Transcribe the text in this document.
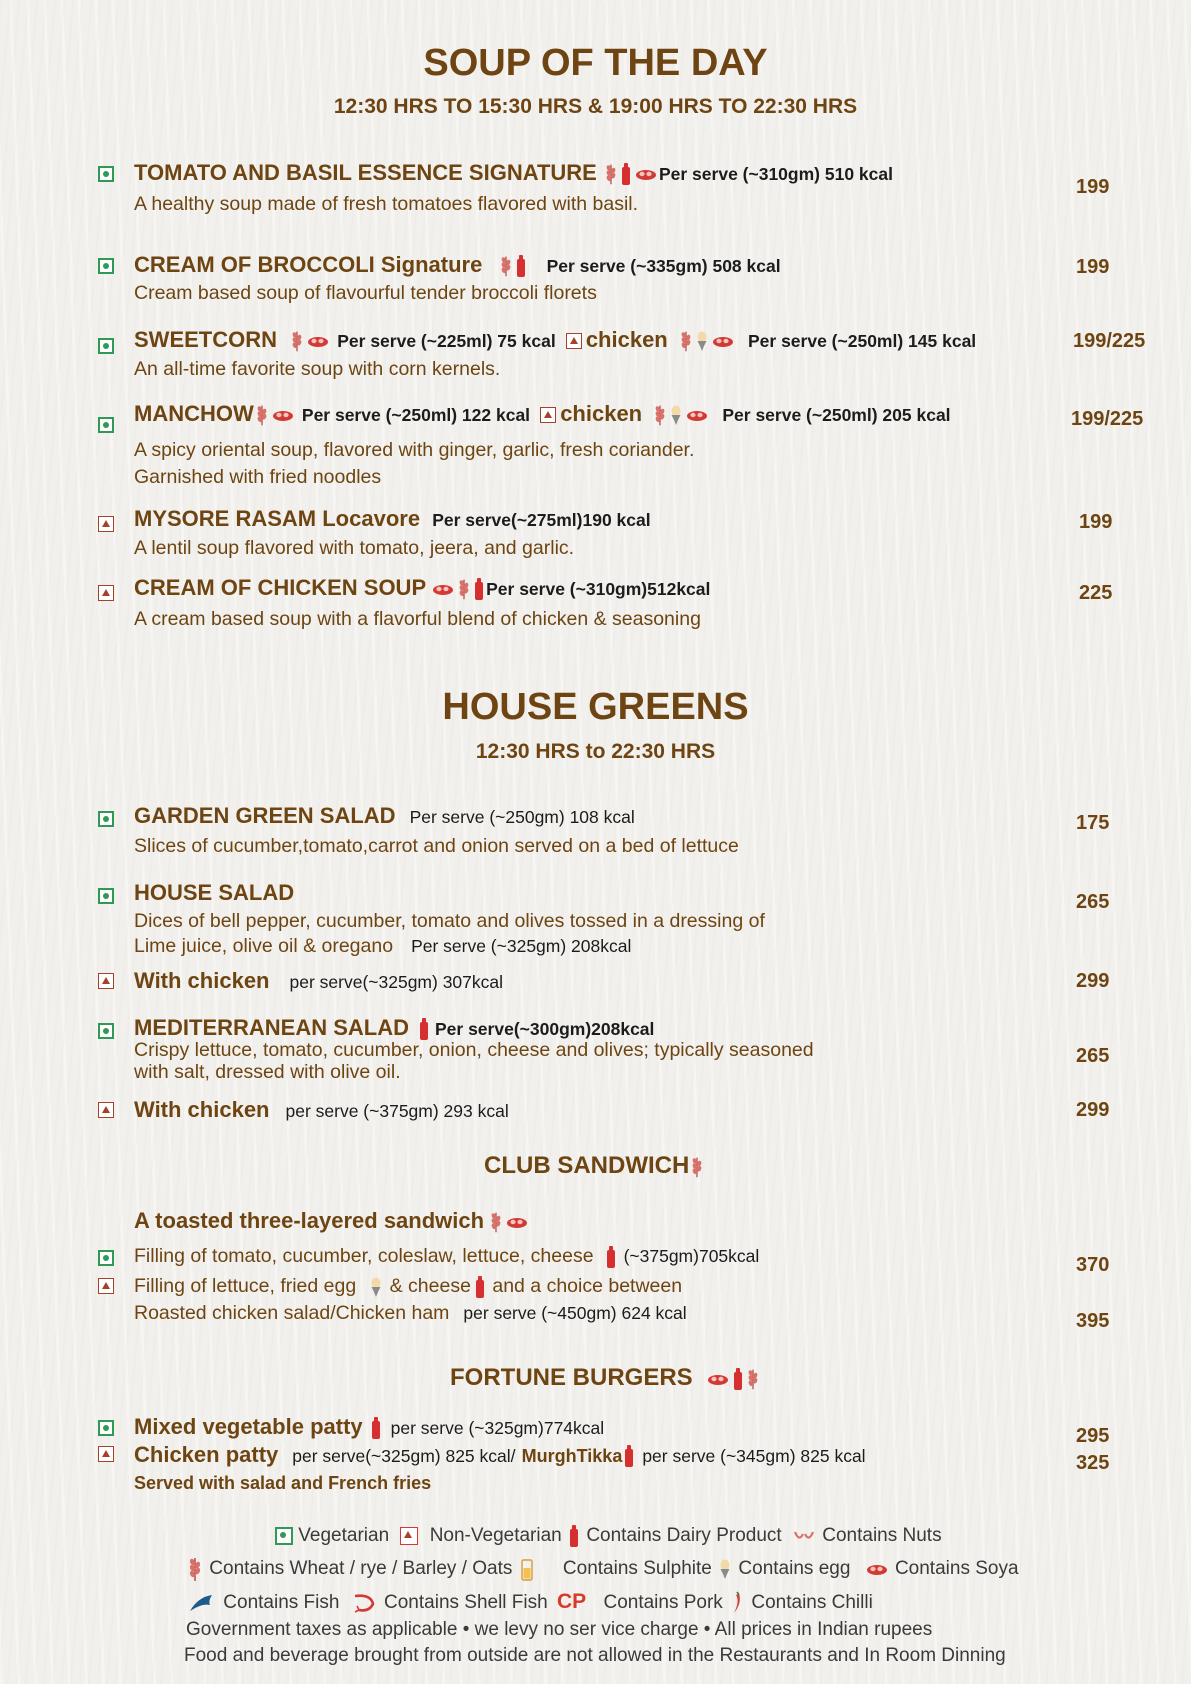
SOUP OF THE DAY
12:30 HRS TO 15:30 HRS & 19:00 HRS TO 22:30 HRS
TOMATO AND BASIL ESSENCE SIGNATURE	Per serve (~310gm) 510 kcal
A healthy soup made of fresh tomatoes flavored with basil.
199
CREAM OF BROCCOLI Signature	Per serve (~335gm) 508 kcal
Cream based soup of flavourful tender broccoli florets
199
SWEETCORN	Per serve (~225ml) 75 kcal chicken	Per serve (~250ml) 145 kcal
An all-time favorite soup with corn kernels.
199/225
MANCHOW	Per serve (~250ml) 122 kcal chicken	Per serve (~250ml) 205 kcal
A spicy oriental soup, flavored with ginger, garlic, fresh coriander.
Garnished with fried noodles
199/225
MYSORE RASAM Locavore Per serve(~275ml)190 kcal
A lentil soup flavored with tomato, jeera, and garlic.
199
CREAM OF CHICKEN SOUP	Per serve (~310gm)512kcal
A cream based soup with a flavorful blend of chicken & seasoning
225
HOUSE GREENS
12:30 HRS to 22:30 HRS
GARDEN GREEN SALAD Per serve (~250gm) 108 kcal
Slices of cucumber,tomato,carrot and onion served on a bed of lettuce
175
HOUSE SALAD
Dices of bell pepper, cucumber, tomato and olives tossed in a dressing of
Lime juice, olive oil & oregano Per serve (~325gm) 208kcal
265
With chicken per serve(~325gm) 307kcal	299
MEDITERRANEAN SALAD Per serve(~300gm)208kcal
Crispy lettuce, tomato, cucumber, onion, cheese and olives; typically seasoned
with salt, dressed with olive oil.
265
With chicken per serve (~375gm) 293 kcal	299
CLUB SANDWICH
A toasted three-layered sandwich
Filling of tomato, cucumber, coleslaw, lettuce, cheese (~375gm)705kcal	370
Filling of lettuce, fried egg & cheese and a choice between
Roasted chicken salad/Chicken ham per serve (~450gm) 624 kcal	395
FORTUNE BURGERS
Mixed vegetable patty per serve (~325gm)774kcal	295
Chicken patty per serve(~325gm) 825 kcal/ MurghTikka per serve (~345gm) 825 kcal	325
Served with salad and French fries
Vegetarian Non-Vegetarian Contains Dairy Product Contains Nuts
Contains Wheat / rye / Barley / Oats	Contains Sulphite Contains egg Contains Soya
Contains Fish Contains Shell Fish CP Contains Pork Contains Chilli
Government taxes as applicable • we levy no ser vice charge • All prices in Indian rupees
Food and beverage brought from outside are not allowed in the Restaurants and In Room Dinning
